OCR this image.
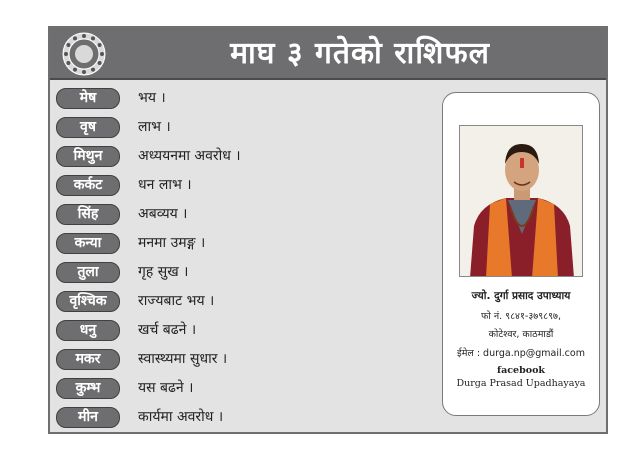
माघ ३ गतेको राशिफल
मेष	भय ।
वृष	लाभ ।
मिथुन	अध्ययनमा अवरोध ।
कर्कट	धन लाभ ।
सिंह	अबव्यय ।
कन्या	मनमा उमङ्ग ।
तुला	गृह सुख ।
वृश्चिक	राज्यबाट भय ।
धनु	खर्च बढने ।
मकर	स्वास्थ्यमा सुधार ।
कुम्भ	यस बढने ।
मीन	कार्यमा अवरोध ।
ज्यो. दुर्गा प्रसाद उपाध्याय
फो नं. ९८४१-३७९८९७,
कोटेश्वर, काठमाडौं
ईमेल : durga.np@gmail.com
facebook
Durga Prasad Upadhayaya
